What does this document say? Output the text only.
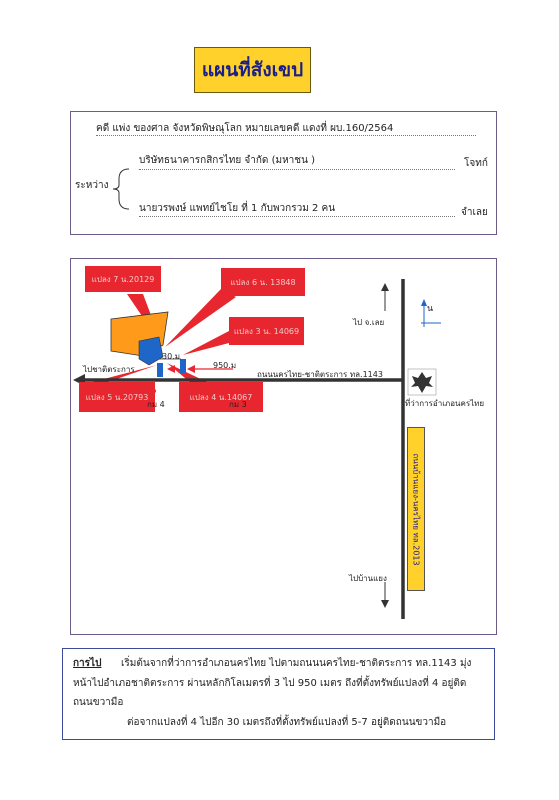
แผนที่สังเขป
คดี แพ่ง ของศาล จังหวัดพิษณุโลก หมายเลขคดี แดงที่ ผบ.160/2564
ระหว่าง
บริษัทธนาคารกสิกรไทย จำกัด (มหาชน )	โจทก์
นายวรพงษ์ แพทย์ไชโย ที่ 1 กับพวกรวม 2 คน	จำเลย
แปลง 7 น.20129	แปลง 6 น. 13848
แปลง 3 น. 14069
แปลง 5 น.20793	แปลง 4 น.14067
ไปชาติตระการ
30.ม
950.ม
ถนนนครไทย-ชาติตระการ ทล.1143
กม 4	กม 3
น
ไป จ.เลย
ที่ว่าการอำเภอนครไทย
ไปบ้านแยง
ถนนบ้านแยง-นครไทย ทล.2013
การไป เริ่มต้นจากที่ว่าการอำเภอนครไทย ไปตามถนนนครไทย-ชาติตระการ ทล.1143 มุ่ง
หน้าไปอำเภอชาติตระการ ผ่านหลักกิโลเมตรที่ 3 ไป 950 เมตร ถึงที่ตั้งทรัพย์แปลงที่ 4 อยู่ติด
ถนนขวามือ
ต่อจากแปลงที่ 4 ไปอีก 30 เมตรถึงที่ตั้งทรัพย์แปลงที่ 5-7 อยู่ติดถนนขวามือ
